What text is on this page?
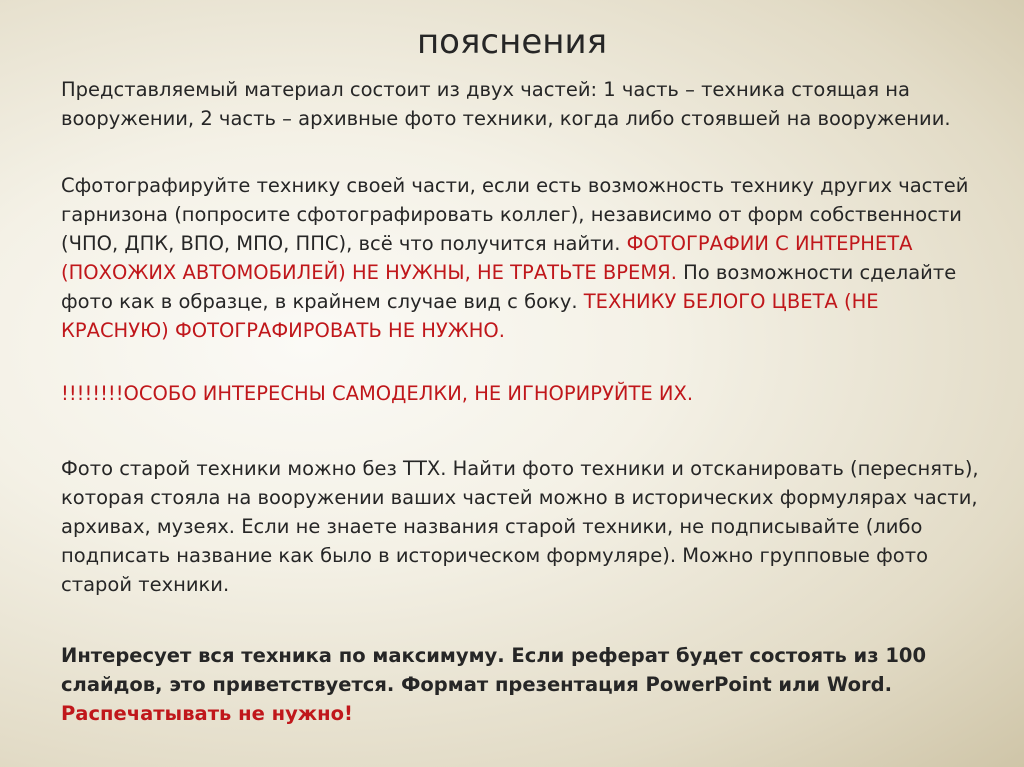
пояснения

Представляемый материал состоит из двух частей: 1 часть – техника стоящая на вооружении, 2 часть – архивные фото техники, когда либо стоявшей на вооружении.

Сфотографируйте технику своей части, если есть возможность технику других частей гарнизона (попросите сфотографировать коллег), независимо от форм собственности (ЧПО, ДПК, ВПО, МПО, ППС), всё что получится найти. ФОТОГРАФИИ С ИНТЕРНЕТА (ПОХОЖИХ АВТОМОБИЛЕЙ) НЕ НУЖНЫ, НЕ ТРАТЬТЕ ВРЕМЯ. По возможности сделайте фото как в образце, в крайнем случае вид с боку. ТЕХНИКУ БЕЛОГО ЦВЕТА (НЕ КРАСНУЮ) ФОТОГРАФИРОВАТЬ НЕ НУЖНО.

!!!!!!!!ОСОБО ИНТЕРЕСНЫ САМОДЕЛКИ, НЕ ИГНОРИРУЙТЕ ИХ.

Фото старой техники можно без ТТХ. Найти фото техники и отсканировать (переснять), которая стояла на вооружении ваших частей можно в исторических формулярах части, архивах, музеях. Если не знаете названия старой техники, не подписывайте (либо подписать название как было в историческом формуляре). Можно групповые фото старой техники.

Интересует вся техника по максимуму. Если реферат будет состоять из 100 слайдов, это приветствуется. Формат презентация PowerPoint или Word.
Распечатывать не нужно!
